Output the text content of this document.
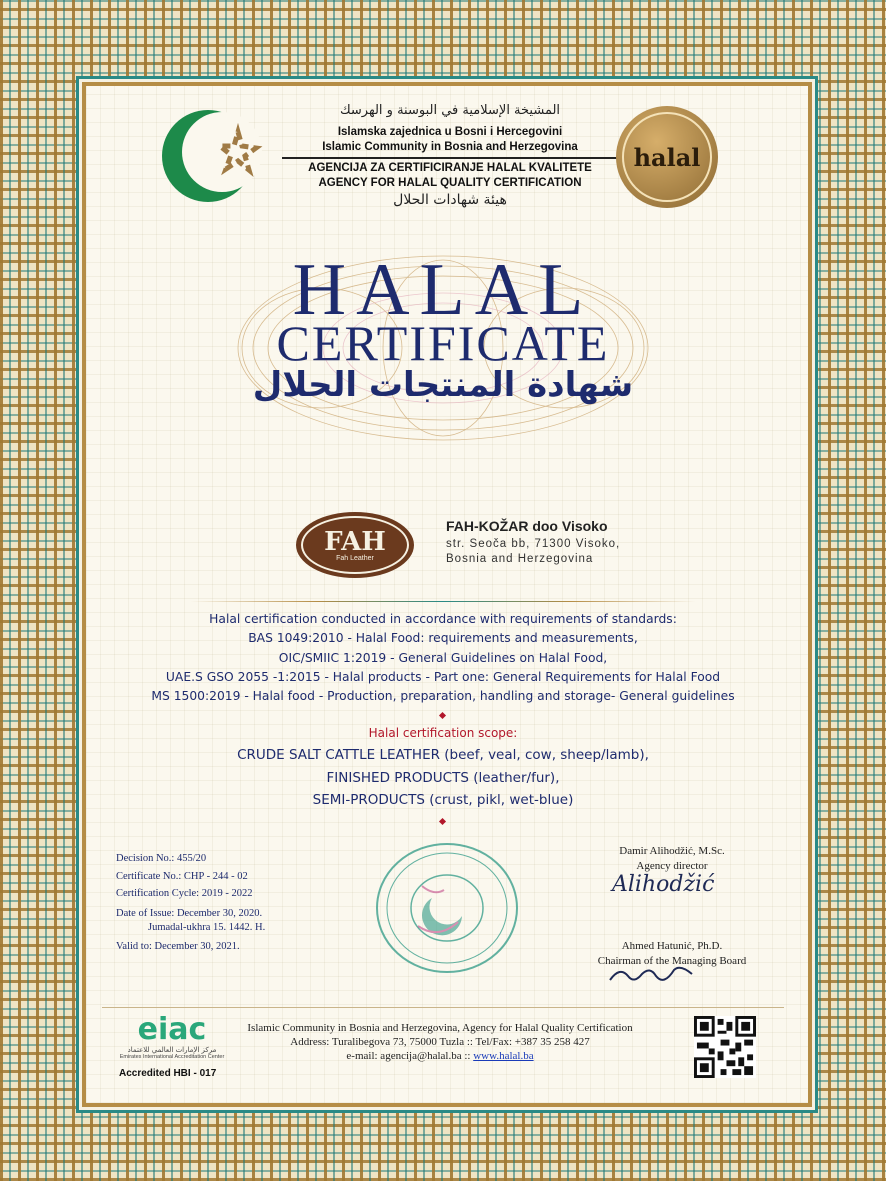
المشيخة الإسلامية في البوسنة و الهرسك
Islamska zajednica u Bosni i Hercegovini
Islamic Community in Bosnia and Herzegovina
AGENCIJA ZA CERTIFICIRANJE HALAL KVALITETE
AGENCY FOR HALAL QUALITY CERTIFICATION
هيئة شهادات الحلال
halal
HALAL
CERTIFICATE
شهادة المنتجات الحلال
FAH
Fah Leather
FAH-KOŽAR doo Visoko
str. Seoča bb, 71300 Visoko,
Bosnia and Herzegovina
Halal certification conducted in accordance with requirements of standards:
BAS 1049:2010 - Halal Food: requirements and measurements,
OIC/SMIIC 1:2019 - General Guidelines on Halal Food,
UAE.S GSO 2055 -1:2015 - Halal products - Part one: General Requirements for Halal Food
MS 1500:2019 - Halal food - Production, preparation, handling and storage- General guidelines
Halal certification scope:
CRUDE SALT CATTLE LEATHER (beef, veal, cow, sheep/lamb),
FINISHED PRODUCTS (leather/fur),
SEMI-PRODUCTS (crust, pikl, wet-blue)
Decision No.: 455/20
Certificate No.: CHP - 244 - 02
Certification Cycle: 2019 - 2022
Date of Issue: December 30, 2020.
Jumadal-ukhra 15. 1442. H.
Valid to: December 30, 2021.
Damir Alihodžić, M.Sc.
Agency director
Alihodžić
Ahmed Hatunić, Ph.D.
Chairman of the Managing Board
eiac
مركز الإمارات العالمي للاعتماد
Emirates International Accreditation Center
Accredited HBI - 017
Islamic Community in Bosnia and Herzegovina, Agency for Halal Quality Certification
Address: Turalibegova 73, 75000 Tuzla :: Tel/Fax: +387 35 258 427
e-mail: agencija@halal.ba :: www.halal.ba
